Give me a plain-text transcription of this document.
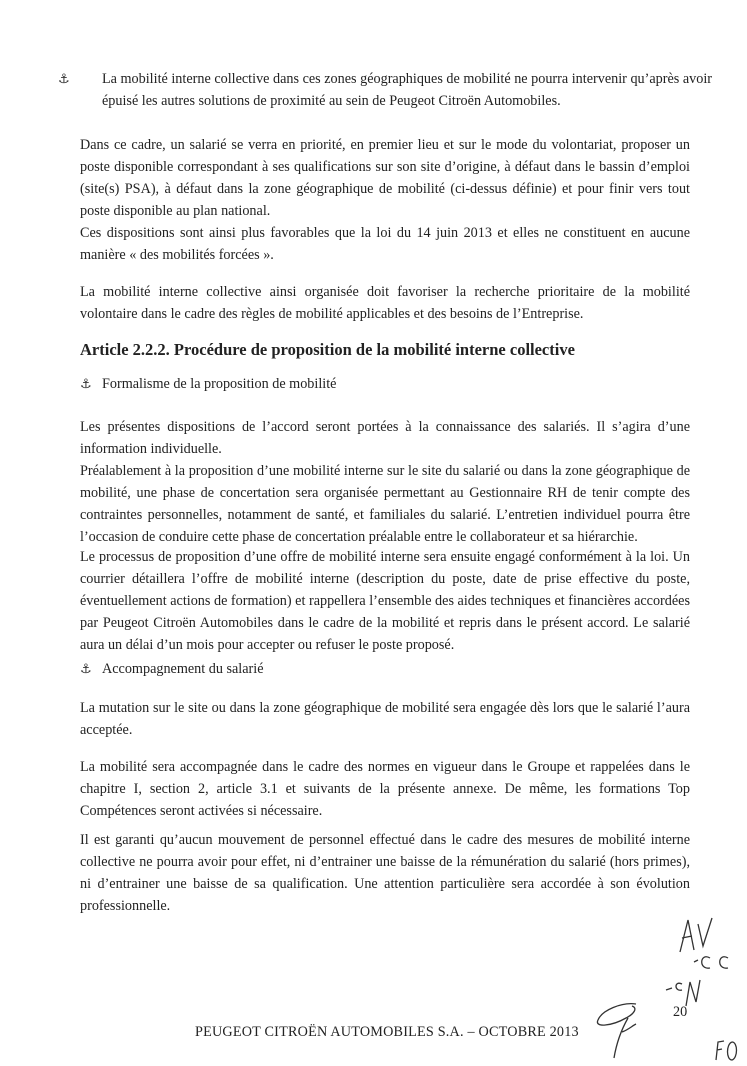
⚓︎ La mobilité interne collective dans ces zones géographiques de mobilité ne pourra intervenir qu’après avoir épuisé les autres solutions de proximité au sein de Peugeot Citroën Automobiles.

Dans ce cadre, un salarié se verra en priorité, en premier lieu et sur le mode du volontariat, proposer un poste disponible correspondant à ses qualifications sur son site d’origine, à défaut dans le bassin d’emploi (site(s) PSA), à défaut dans la zone géographique de mobilité (ci-dessus définie) et pour finir vers tout poste disponible au plan national.

Ces dispositions sont ainsi plus favorables que la loi du 14 juin 2013 et elles ne constituent en aucune manière « des mobilités forcées ».

La mobilité interne collective ainsi organisée doit favoriser la recherche prioritaire de la mobilité volontaire dans le cadre des règles de mobilité applicables et des besoins de l’Entreprise.

Article 2.2.2. Procédure de proposition de la mobilité interne collective

⚓︎ Formalisme de la proposition de mobilité

Les présentes dispositions de l’accord seront portées à la connaissance des salariés. Il s’agira d’une information individuelle.

Préalablement à la proposition d’une mobilité interne sur le site du salarié ou dans la zone géographique de mobilité, une phase de concertation sera organisée permettant au Gestionnaire RH de tenir compte des contraintes personnelles, notamment de santé, et familiales du salarié. L’entretien individuel pourra être l’occasion de conduire cette phase de concertation préalable entre le collaborateur et sa hiérarchie.

Le processus de proposition d’une offre de mobilité interne sera ensuite engagé conformément à la loi. Un courrier détaillera l’offre de mobilité interne (description du poste, date de prise effective du poste, éventuellement actions de formation) et rappellera l’ensemble des aides techniques et financières accordées par Peugeot Citroën Automobiles dans le cadre de la mobilité et repris dans le présent accord. Le salarié aura un délai d’un mois pour accepter ou refuser le poste proposé.

⚓︎ Accompagnement du salarié

La mutation sur le site ou dans la zone géographique de mobilité sera engagée dès lors que le salarié l’aura acceptée.

La mobilité sera accompagnée dans le cadre des normes en vigueur dans le Groupe et rappelées dans le chapitre I, section 2, article 3.1 et suivants de la présente annexe. De même, les formations Top Compétences seront activées si nécessaire.

Il est garanti qu’aucun mouvement de personnel effectué dans le cadre des mesures de mobilité interne collective ne pourra avoir pour effet, ni d’entrainer une baisse de la rémunération du salarié (hors primes), ni d’entrainer une baisse de sa qualification. Une attention particulière sera accordée à son évolution professionnelle.

20
PEUGEOT CITROËN AUTOMOBILES S.A. – OCTOBRE 2013
